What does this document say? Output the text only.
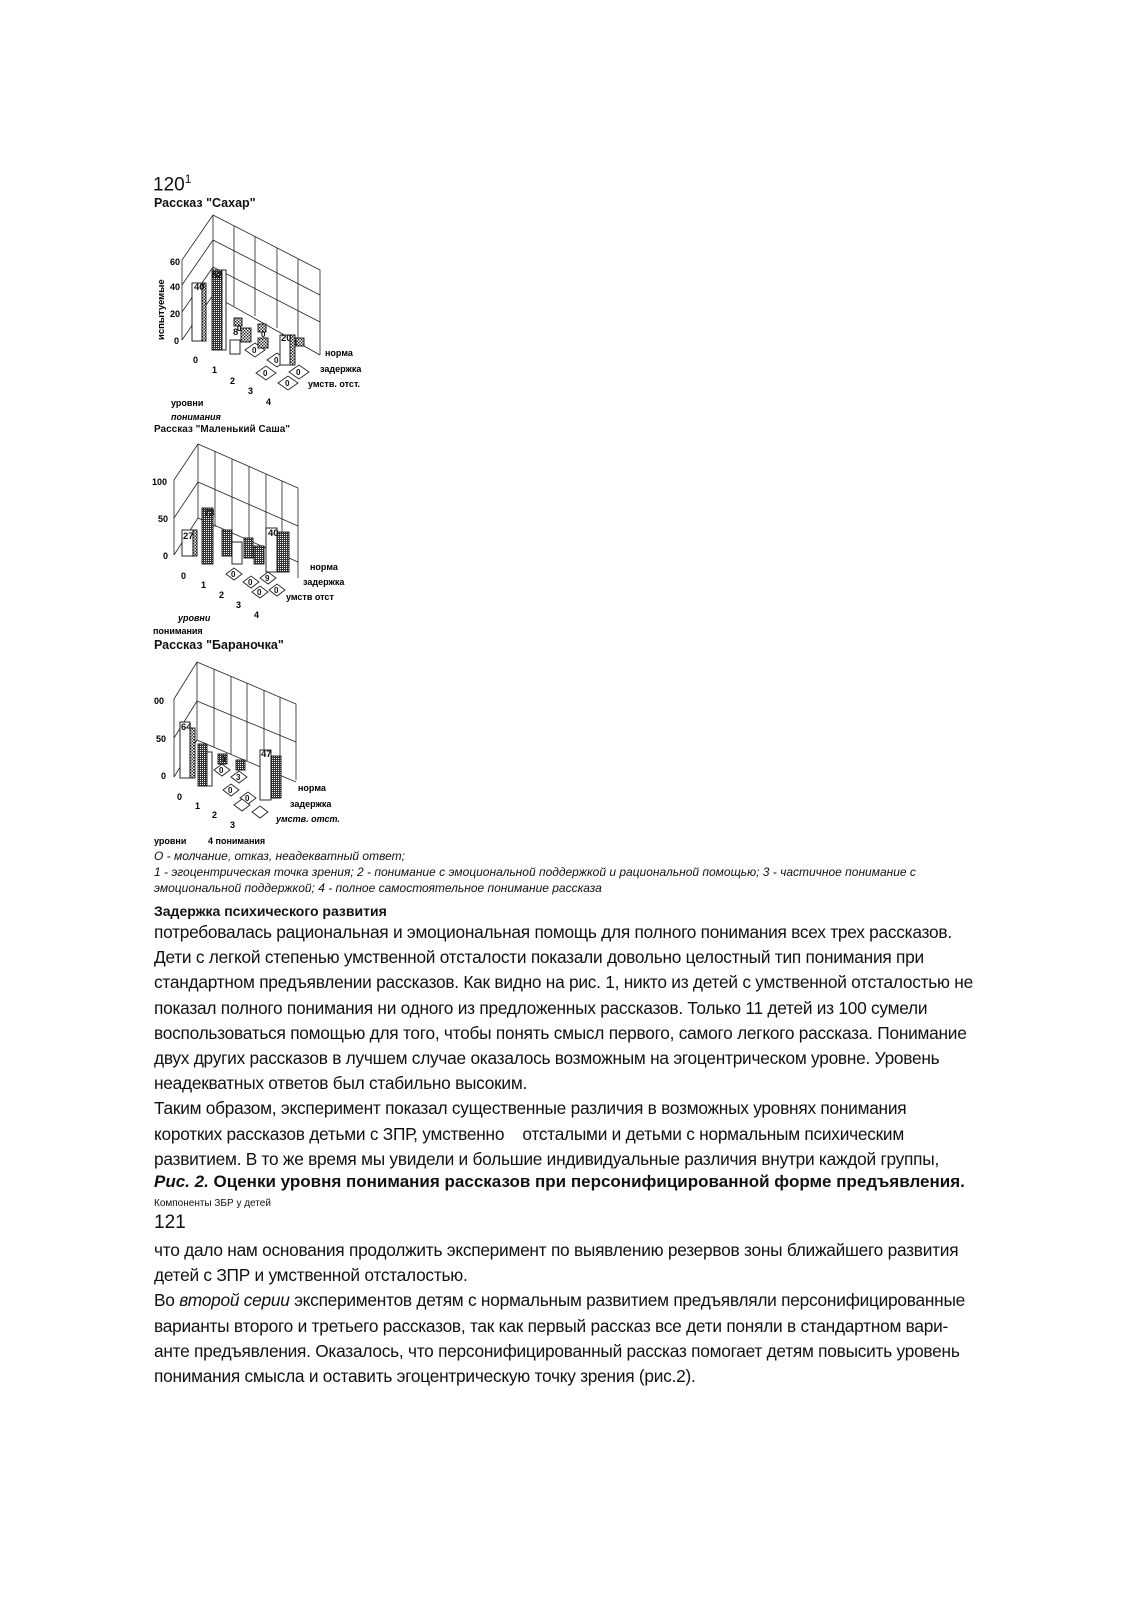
$120^1$
Рассказ "Сахар"
40
52
8
0
0 20
0
0
0
0
0
60
40
20
0
испытуемые
0
1
2
3
4
норма
задержка
умств. отст.
уровни
понимания
Рассказ "Маленький Саша"
27
73
40
0
0 9
0 0
100
50
0
0
1
2
3
4
норма
задержка
умств отст
уровни
понимания
Рассказ "Бараночка"
64
0	47
0
3
0
0
00
50
0
0
1
2
3
норма
задержка
умств. отст.
уровни 4 понимания
О - молчание, отказ, неадекватный ответ;
1 - эгоцентрическая точка зрения; 2 - понимание с эмоциональной поддержкой и рациональной помощью; 3 - частичное понимание с
эмоциональной поддержкой; 4 - полное самостоятельное понимание рассказа
Задержка психического развития

потребовалась рациональная и эмоциональная помощь для полного понимания всех трех рассказов.

Дети с легкой степенью умственной отсталости показали довольно целостный тип понимания при

стандартном предъявлении рассказов. Как видно на рис. 1, никто из детей с умственной отсталостью не

показал полного понимания ни одного из предложенных рассказов. Только 11 детей из 100 сумели

воспользоваться помощью для того, чтобы понять смысл первого, самого легкого рассказа. Понимание

двух других рассказов в лучшем случае оказалось возможным на эгоцентрическом уровне. Уровень

неадекватных ответов был стабильно высоким.

Таким образом, эксперимент показал существенные различия в возможных уровнях понимания

коротких рассказов детьми с ЗПР, умственно    отсталыми и детьми с нормальным психическим

развитием. В то же время мы увидели и большие индивидуальные различия внутри каждой группы,

Рис. 2. Оценки уровня понимания рассказов при персонифицированной форме предъявления.
Компоненты ЗБР у детей
121

что дало нам основания продолжить эксперимент по выявлению резервов зоны ближайшего развития

детей с ЗПР и умственной отсталостью.

Во второй серии экспериментов детям с нормальным развитием предъявляли персонифицированные

варианты второго и третьего рассказов, так как первый рассказ все дети поняли в стандартном вари-

анте предъявления. Оказалось, что персонифицированный рассказ помогает детям повысить уровень

понимания смысла и оставить эгоцентрическую точку зрения (рис.2).
